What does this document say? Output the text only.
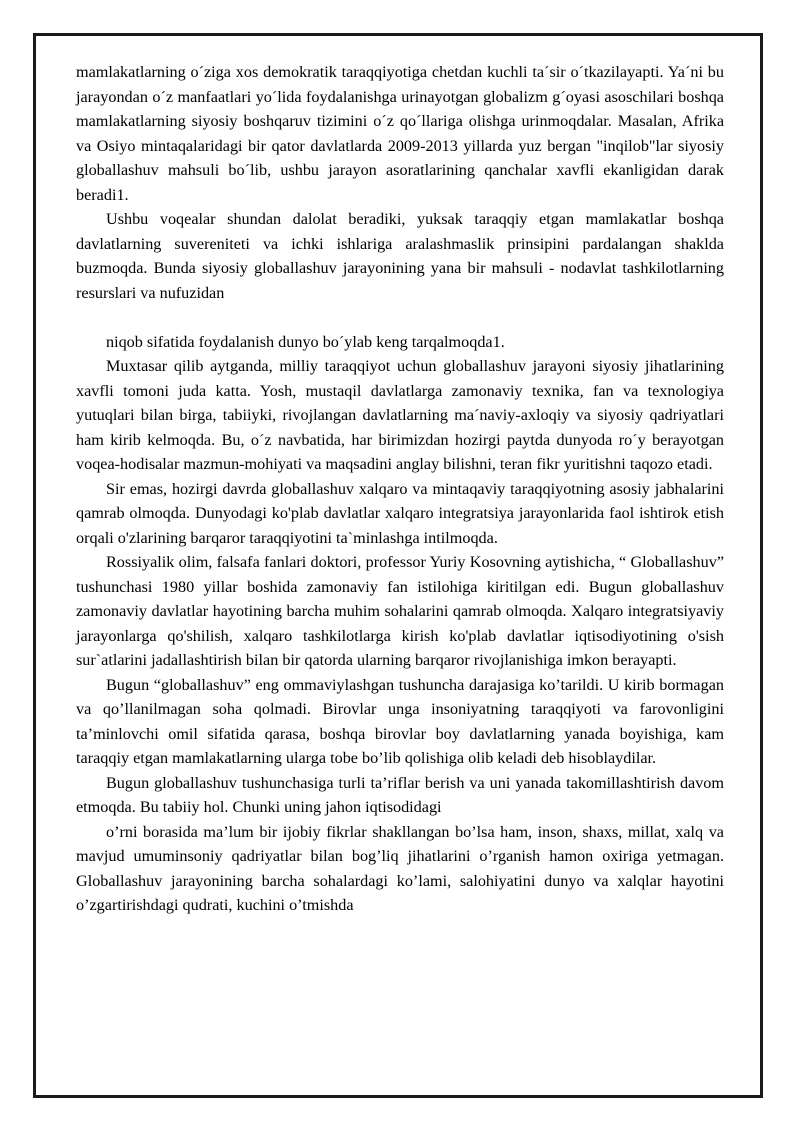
mamlakatlarning o´ziga xos demokratik taraqqiyotiga chetdan kuchli ta´sir o´tkazilayapti. Ya´ni bu jarayondan o´z manfaatlari yo´lida foydalanishga urinayotgan globalizm g´oyasi asoschilari boshqa mamlakatlarning siyosiy boshqaruv tizimini o´z qo´llariga olishga urinmoqdalar. Masalan, Afrika va Osiyo mintaqalaridagi bir qator davlatlarda 2009-2013 yillarda yuz bergan "inqilob"lar siyosiy globallashuv mahsuli bo´lib, ushbu jarayon asoratlarining qanchalar xavfli ekanligidan darak beradi1.

Ushbu voqealar shundan dalolat beradiki, yuksak taraqqiy etgan mamlakatlar boshqa davlatlarning suvereniteti va ichki ishlariga aralashmaslik prinsipini pardalangan shaklda buzmoqda. Bunda siyosiy globallashuv jarayonining yana bir mahsuli - nodavlat tashkilotlarning resurslari va nufuzidan

niqob sifatida foydalanish dunyo bo´ylab keng tarqalmoqda1.

Muxtasar qilib aytganda, milliy taraqqiyot uchun globallashuv jarayoni siyosiy jihatlarining xavfli tomoni juda katta. Yosh, mustaqil davlatlarga zamonaviy texnika, fan va texnologiya yutuqlari bilan birga, tabiiyki, rivojlangan davlatlarning ma´naviy-axloqiy va siyosiy qadriyatlari ham kirib kelmoqda. Bu, o´z navbatida, har birimizdan hozirgi paytda dunyoda ro´y berayotgan voqea-hodisalar mazmun-mohiyati va maqsadini anglay bilishni, teran fikr yuritishni taqozo etadi.

Sir emas, hozirgi davrda globallashuv xalqaro va mintaqaviy taraqqiyotning asosiy jabhalarini qamrab olmoqda. Dunyodagi ko'plab davlatlar xalqaro integratsiya jarayonlarida faol ishtirok etish orqali o'zlarining barqaror taraqqiyotini ta`minlashga intilmoqda.

Rossiyalik olim, falsafa fanlari doktori, professor Yuriy Kosovning aytishicha, “ Globallashuv” tushunchasi 1980 yillar boshida zamonaviy fan istilohiga kiritilgan edi. Bugun globallashuv zamonaviy davlatlar hayotining barcha muhim sohalarini qamrab olmoqda. Xalqaro integratsiyaviy jarayonlarga qo'shilish, xalqaro tashkilotlarga kirish ko'plab davlatlar iqtisodiyotining o'sish sur`atlarini jadallashtirish bilan bir qatorda ularning barqaror rivojlanishiga imkon berayapti.

Bugun “globallashuv” eng ommaviylashgan tushuncha darajasiga ko’tarildi. U kirib bormagan va qo’llanilmagan soha qolmadi. Birovlar unga insoniyatning taraqqiyoti va farovonligini ta’minlovchi omil sifatida qarasa, boshqa birovlar boy davlatlarning yanada boyishiga, kam taraqqiy etgan mamlakatlarning ularga tobe bo’lib qolishiga olib keladi deb hisoblaydilar.

Bugun globallashuv tushunchasiga turli ta’riflar berish va uni yanada takomillashtirish davom etmoqda. Bu tabiiy hol. Chunki uning jahon iqtisodidagi

o’rni borasida ma’lum bir ijobiy fikrlar shakllangan bo’lsa ham, inson, shaxs, millat, xalq va mavjud umuminsoniy qadriyatlar bilan bog’liq jihatlarini o’rganish hamon oxiriga yetmagan. Globallashuv jarayonining barcha sohalardagi ko’lami, salohiyatini dunyo va xalqlar hayotini o’zgartirishdagi qudrati, kuchini o’tmishda
